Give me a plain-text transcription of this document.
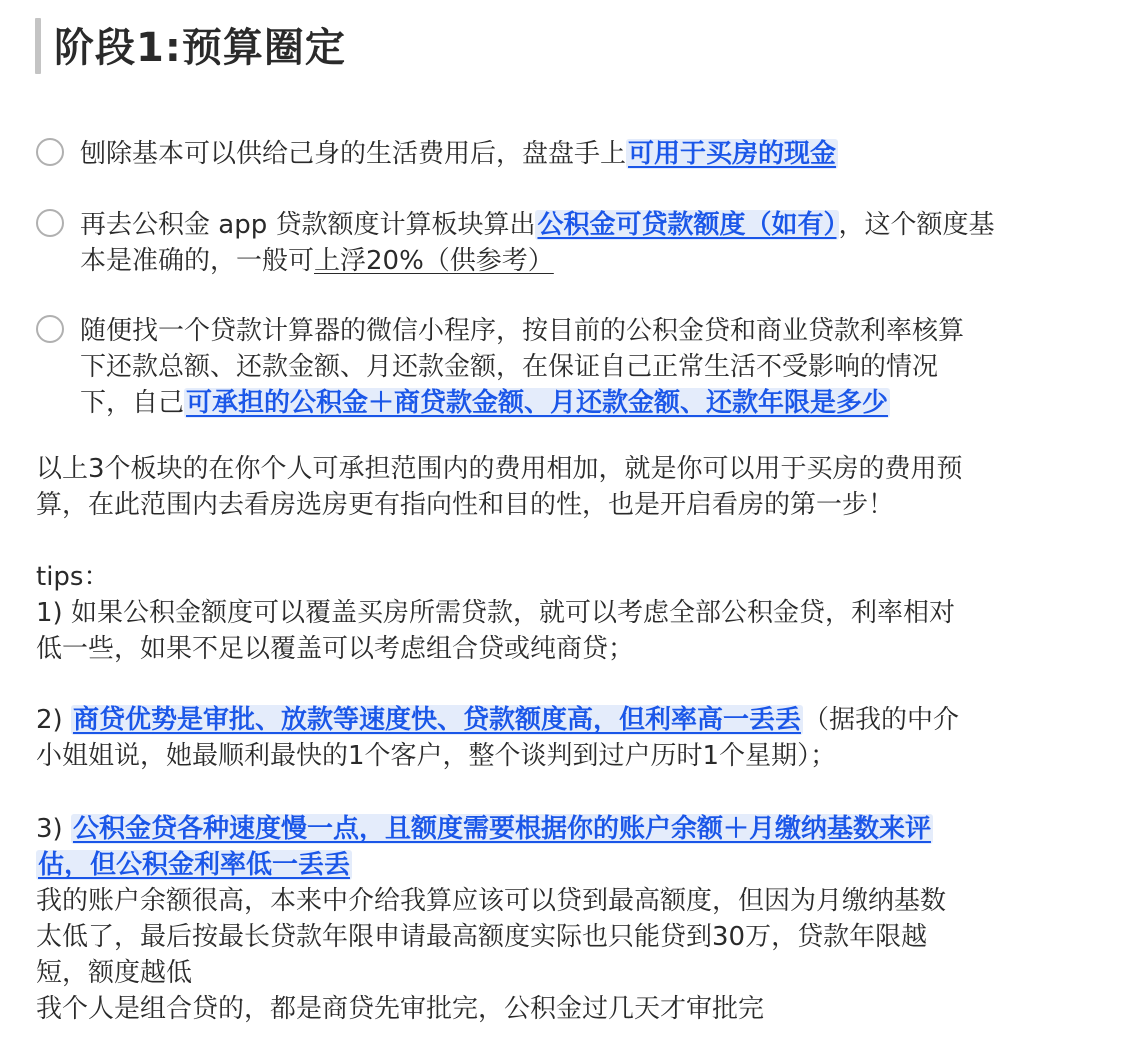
阶段1:预算圈定
刨除基本可以供给己身的生活费用后，盘盘手上可用于买房的现金
再去公积金 app 贷款额度计算板块算出公积金可贷款额度（如有），这个额度基
本是准确的，一般可上浮20%（供参考）
随便找一个贷款计算器的微信小程序，按目前的公积金贷和商业贷款利率核算
下还款总额、还款金额、月还款金额，在保证自己正常生活不受影响的情况
下，自己可承担的公积金＋商贷款金额、月还款金额、还款年限是多少
以上3个板块的在你个人可承担范围内的费用相加，就是你可以用于买房的费用预
算，在此范围内去看房选房更有指向性和目的性，也是开启看房的第一步！
tips：
1) 如果公积金额度可以覆盖买房所需贷款，就可以考虑全部公积金贷，利率相对
低一些，如果不足以覆盖可以考虑组合贷或纯商贷；
2) 商贷优势是审批、放款等速度快、贷款额度高，但利率高一丢丢（据我的中介
小姐姐说，她最顺利最快的1个客户，整个谈判到过户历时1个星期）；
3) 公积金贷各种速度慢一点，且额度需要根据你的账户余额＋月缴纳基数来评
估，但公积金利率低一丢丢
我的账户余额很高，本来中介给我算应该可以贷到最高额度，但因为月缴纳基数
太低了，最后按最长贷款年限申请最高额度实际也只能贷到30万，贷款年限越
短，额度越低
我个人是组合贷的，都是商贷先审批完，公积金过几天才审批完
